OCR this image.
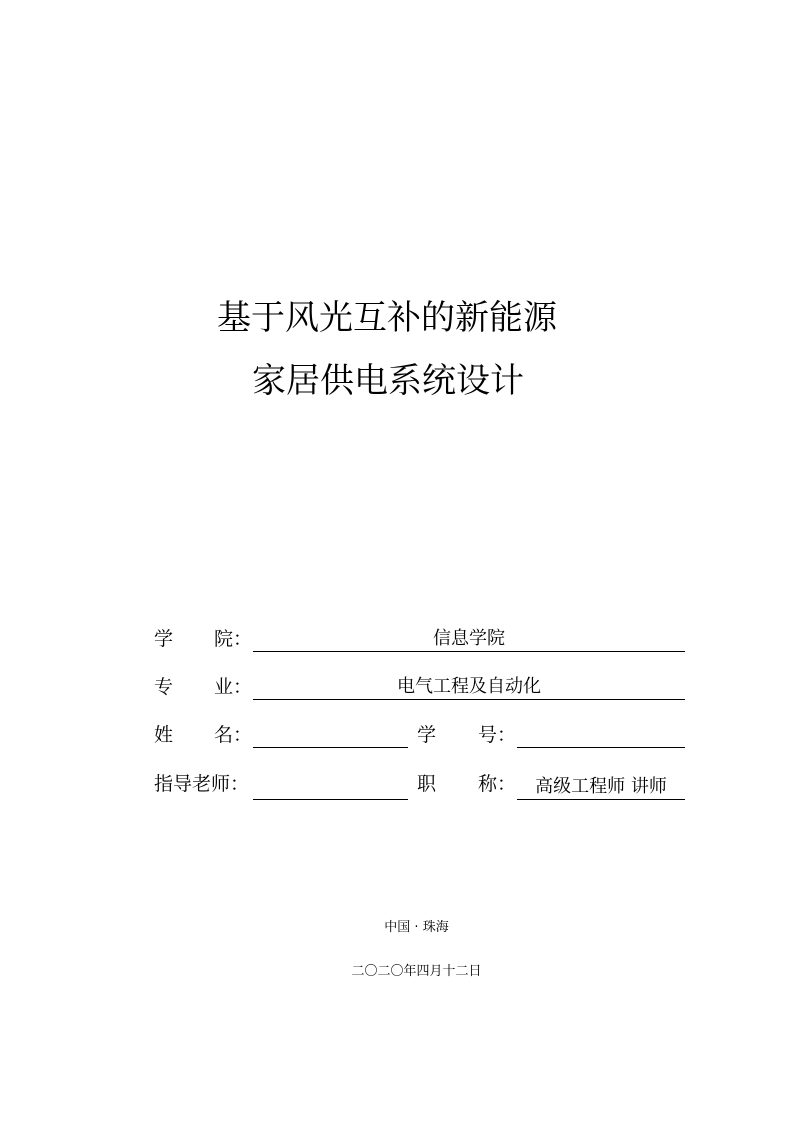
基于风光互补的新能源
家居供电系统设计
学 院：	信息学院
专 业：	电气工程及自动化
姓 名：	学 号：
指导老师：	职 称：	高级工程师 讲师
中国 · 珠海
二〇二〇年四月十二日
